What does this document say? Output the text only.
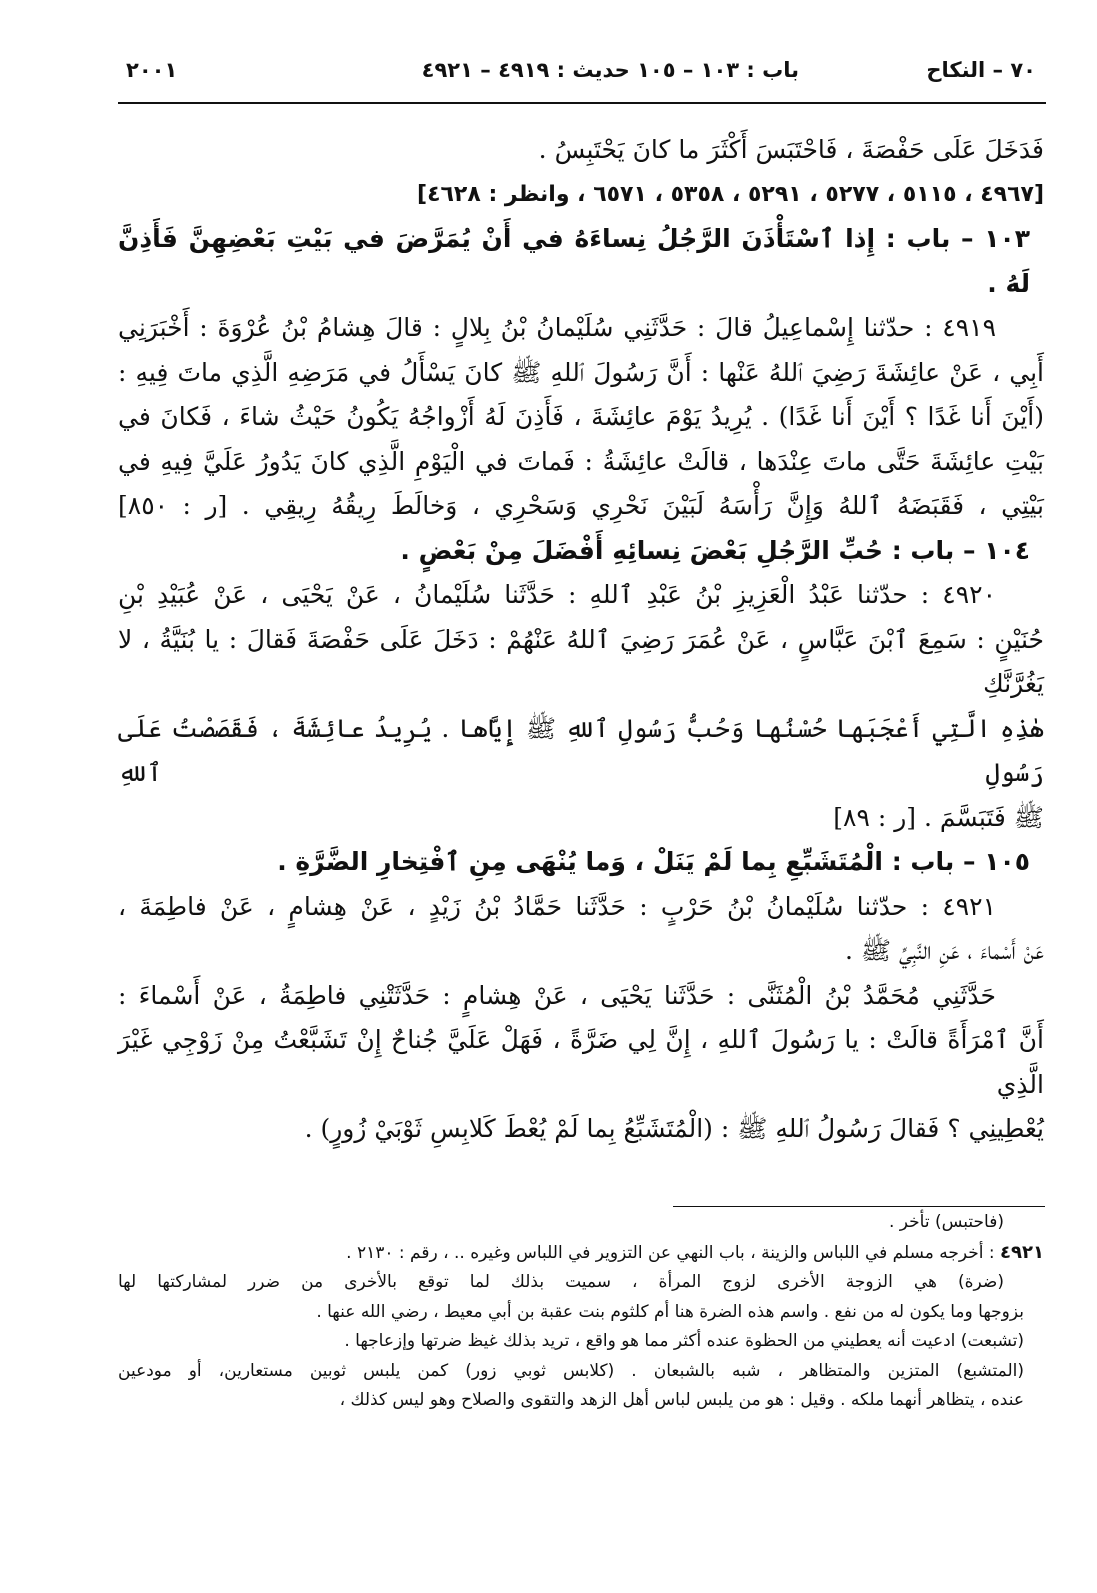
٧٠ – النكاح
باب : ١٠٣ – ١٠٥ حديث : ٤٩١٩ – ٤٩٢١
٢٠٠١

فَدَخَلَ عَلَى حَفْصَةَ ، فَاحْتَبَسَ أَكْثَرَ ما كانَ يَحْتَبِسُ .

[٤٩٦٧ ، ٥١١٥ ، ٥٢٧٧ ، ٥٢٩١ ، ٥٣٥٨ ، ٦٥٧١ ، وانظر : ٤٦٢٨]

١٠٣ – باب : إِذا ٱسْتَأْذَنَ الرَّجُلُ نِساءَهُ في أَنْ يُمَرَّضَ في بَيْتِ بَعْضِهِنَّ فَأَذِنَّ لَهُ .

٤٩١٩ : حدّثنا إِسْماعِيلُ قالَ : حَدَّثَنِي سُلَيْمانُ بْنُ بِلالٍ : قالَ هِشامُ بْنُ عُرْوَةَ : أَخْبَرَنِي

أَبِي ، عَنْ عائِشَةَ رَضِيَ ٱللهُ عَنْها : أَنَّ رَسُولَ ٱللهِ ﷺ كانَ يَسْأَلُ في مَرَضِهِ الَّذِي ماتَ فِيهِ :

(أَيْنَ أَنا غَدًا ؟ أَيْنَ أَنا غَدًا) . يُرِيدُ يَوْمَ عائِشَةَ ، فَأَذِنَ لَهُ أَزْواجُهُ يَكُونُ حَيْثُ شاءَ ، فَكانَ في

بَيْتِ عائِشَةَ حَتَّى ماتَ عِنْدَها ، قالَتْ عائِشَةُ : فَماتَ في الْيَوْمِ الَّذِي كانَ يَدُورُ عَلَيَّ فِيهِ في

بَيْتِي ، فَقَبَضَهُ ٱللهُ وَإِنَّ رَأْسَهُ لَبَيْنَ نَحْرِي وَسَحْرِي ، وَخالَطَ رِيقُهُ رِيقِي . [ر : ٨٥٠]

١٠٤ – باب : حُبِّ الرَّجُلِ بَعْضَ نِسائِهِ أَفْضَلَ مِنْ بَعْضٍ .

٤٩٢٠ : حدّثنا عَبْدُ الْعَزِيزِ بْنُ عَبْدِ ٱللهِ : حَدَّثَنا سُلَيْمانُ ، عَنْ يَحْيَى ، عَنْ عُبَيْدِ بْنِ

حُنَيْنٍ : سَمِعَ ٱبْنَ عَبَّاسٍ ، عَنْ عُمَرَ رَضِيَ ٱللهُ عَنْهُمْ : دَخَلَ عَلَى حَفْصَةَ فَقالَ : يا بُنَيَّةُ ، لا يَغُرَّنَّكِ

هٰذِهِ الَّتِي أَعْجَبَها حُسْنُها وَحُبُّ رَسُولِ ٱللهِ ﷺ إِيَّاها . يُرِيدُ عائِشَةَ ، فَقَصَصْتُ عَلَى رَسُولِ ٱللهِ

ﷺ فَتَبَسَّمَ . [ر : ٨٩]

١٠٥ – باب : الْمُتَشَبِّعِ بِما لَمْ يَنَلْ ، وَما يُنْهَى مِنِ ٱفْتِخارِ الضَّرَّةِ .

٤٩٢١ : حدّثنا سُلَيْمانُ بْنُ حَرْبٍ : حَدَّثَنا حَمَّادُ بْنُ زَيْدٍ ، عَنْ هِشامٍ ، عَنْ فاطِمَةَ ،

عَنْ أَسْماءَ ، عَنِ النَّبِيِّ ﷺ .

حَدَّثَنِي مُحَمَّدُ بْنُ الْمُثَنَّى : حَدَّثَنا يَحْيَى ، عَنْ هِشامٍ : حَدَّثَتْنِي فاطِمَةُ ، عَنْ أَسْماءَ :

أَنَّ ٱمْرَأَةً قالَتْ : يا رَسُولَ ٱللهِ ، إِنَّ لِي ضَرَّةً ، فَهَلْ عَلَيَّ جُناحٌ إِنْ تَشَبَّعْتُ مِنْ زَوْجِي غَيْرَ الَّذِي

يُعْطِينِي ؟ فَقالَ رَسُولُ ٱللهِ ﷺ : (الْمُتَشَبِّعُ بِما لَمْ يُعْطَ كَلابِسِ ثَوْبَيْ زُورٍ) .

(فاحتبس) تأخر .

٤٩٢١ : أخرجه مسلم في اللباس والزينة ، باب النهي عن التزوير في اللباس وغيره .. ، رقم : ٢١٣٠ .

(ضرة) هي الزوجة الأخرى لزوج المرأة ، سميت بذلك لما توقع بالأخرى من ضرر لمشاركتها لها

بزوجها وما يكون له من نفع . واسم هذه الضرة هنا أم كلثوم بنت عقبة بن أبي معيط ، رضي الله عنها .

(تشبعت) ادعيت أنه يعطيني من الحظوة عنده أكثر مما هو واقع ، تريد بذلك غيظ ضرتها وإزعاجها .

(المتشبع) المتزين والمتظاهر ، شبه بالشبعان . (كلابس ثوبي زور) كمن يلبس ثوبين مستعارين، أو مودعين

عنده ، يتظاهر أنهما ملكه . وقيل : هو من يلبس لباس أهل الزهد والتقوى والصلاح وهو ليس كذلك ،
